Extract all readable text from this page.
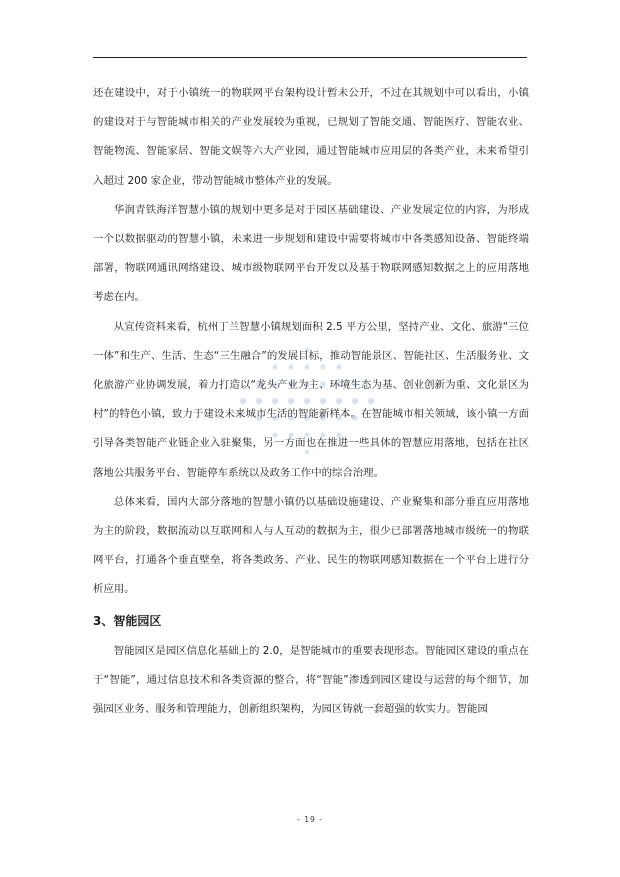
还在建设中，对于小镇统一的物联网平台架构设计暂未公开，不过在其规划中可以看出，小镇的建设对于与智能城市相关的产业发展较为重视，已规划了智能交通、智能医疗、智能农业、智能物流、智能家居、智能文娱等六大产业园，通过智能城市应用层的各类产业，未来希望引入超过 200 家企业，带动智能城市整体产业的发展。

华润青铁海洋智慧小镇的规划中更多是对于园区基础建设、产业发展定位的内容，为形成一个以数据驱动的智慧小镇，未来进一步规划和建设中需要将城市中各类感知设备、智能终端部署，物联网通讯网络建设、城市级物联网平台开发以及基于物联网感知数据之上的应用落地考虑在内。

从宣传资料来看，杭州丁兰智慧小镇规划面积 2.5 平方公里，坚持产业、文化、旅游“三位一体”和生产、生活、生态“三生融合”的发展目标，推动智能景区、智能社区、生活服务业、文化旅游产业协调发展，着力打造以“龙头产业为主、环境生态为基、创业创新为重、文化景区为村”的特色小镇，致力于建设未来城市生活的智能新样本。在智能城市相关领域，该小镇一方面引导各类智能产业链企业入驻聚集，另一方面也在推进一些具体的智慧应用落地，包括在社区落地公共服务平台、智能停车系统以及政务工作中的综合治理。

总体来看，国内大部分落地的智慧小镇仍以基础设施建设、产业聚集和部分垂直应用落地为主的阶段，数据流动以互联网和人与人互动的数据为主，很少已部署落地城市级统一的物联网平台，打通各个垂直壁垒，将各类政务、产业、民生的物联网感知数据在一个平台上进行分析应用。

3、智能园区

智能园区是园区信息化基础上的 2.0，是智能城市的重要表现形态。智能园区建设的重点在于“智能”，通过信息技术和各类资源的整合，将“智能”渗透到园区建设与运营的每个细节，加强园区业务、服务和管理能力，创新组织架构，为园区铸就一套超强的软实力。智能园

- 19 -
